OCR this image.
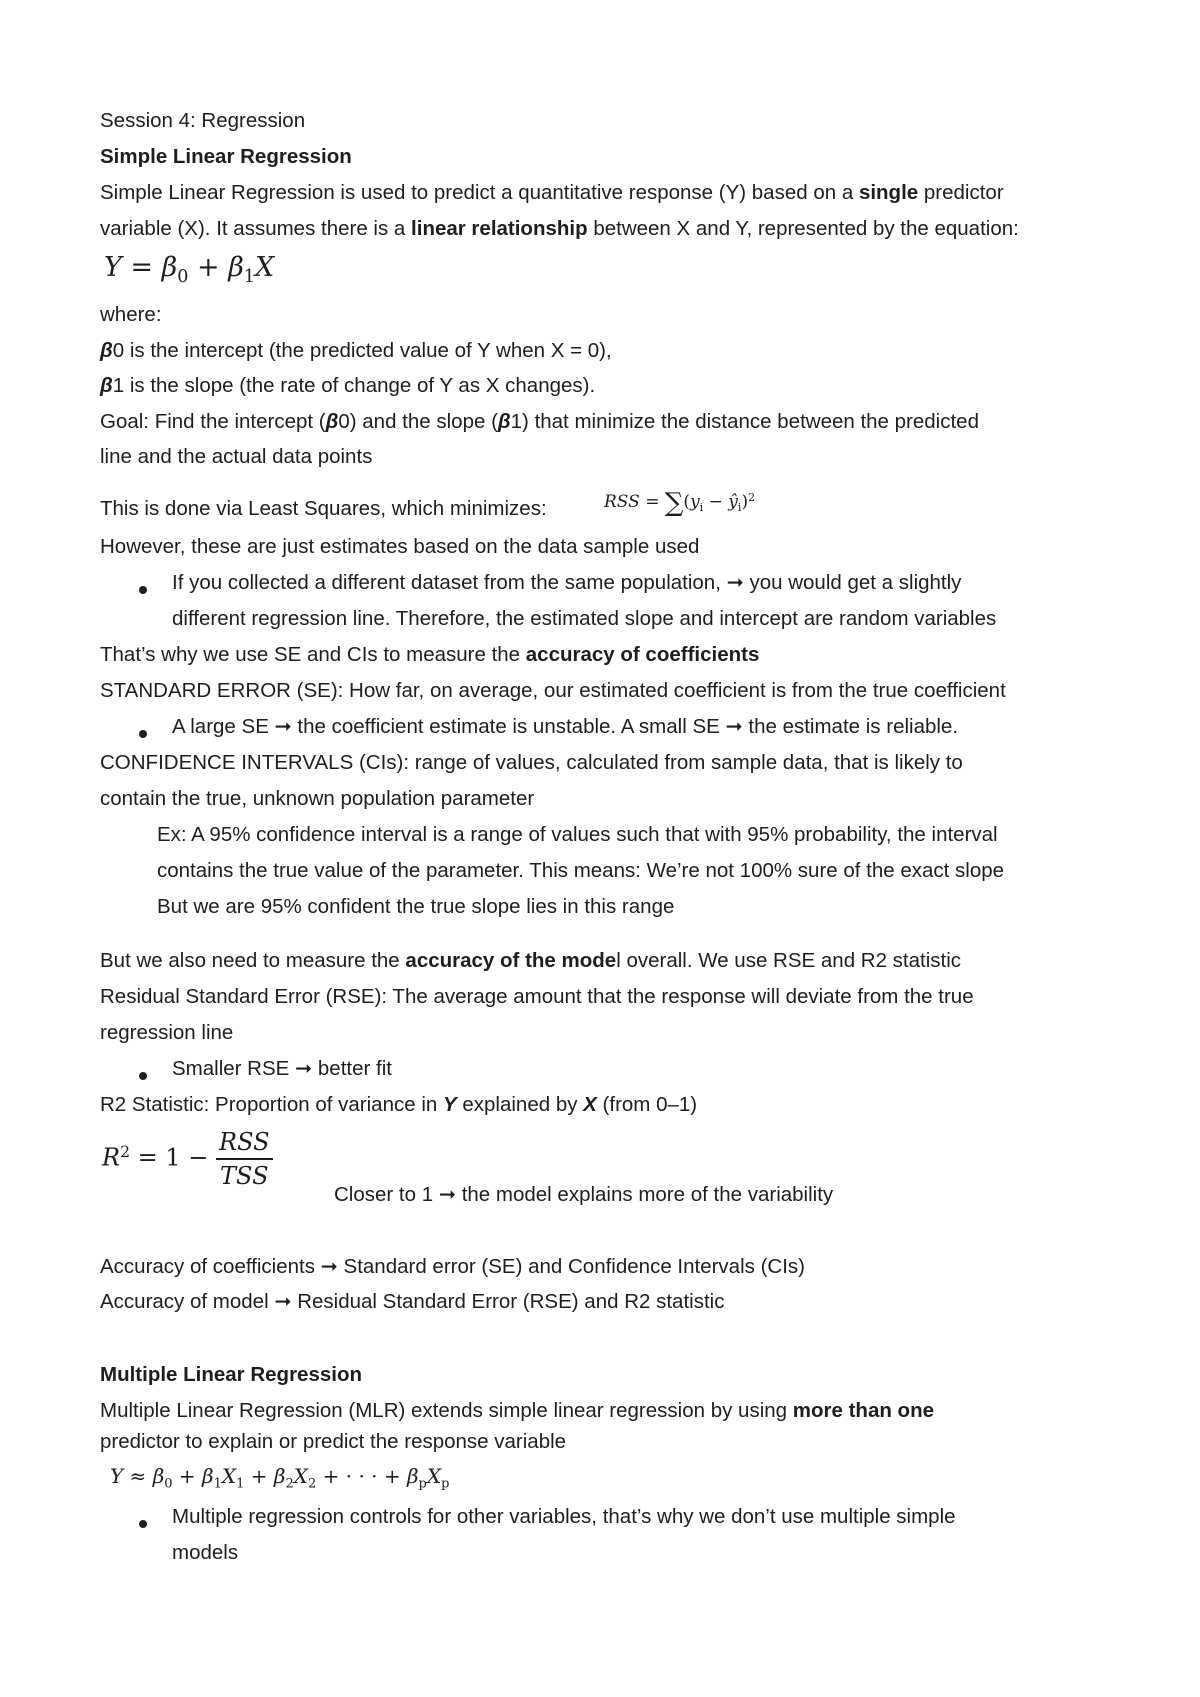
Session 4: Regression
Simple Linear Regression
Simple Linear Regression is used to predict a quantitative response (Y) based on a single predictor
variable (X). It assumes there is a linear relationship between X and Y, represented by the equation:
$Y = \beta_0 + \beta_1X$
where:
β0 is the intercept (the predicted value of Y when X = 0),
β1 is the slope (the rate of change of Y as X changes).
Goal: Find the intercept (β0) and the slope (β1) that minimize the distance between the predicted
line and the actual data points
This is done via Least Squares, which minimizes:	RSS = $\sum(y_i$ − $ŷ_i)^2$
However, these are just estimates based on the data sample used
If you collected a different dataset from the same population, ➞ you would get a slightly
different regression line. Therefore, the estimated slope and intercept are random variables
That’s why we use SE and CIs to measure the accuracy of coefficients
STANDARD ERROR (SE): How far, on average, our estimated coefficient is from the true coefficient
A large SE ➞ the coefficient estimate is unstable. A small SE ➞ the estimate is reliable.
CONFIDENCE INTERVALS (CIs): range of values, calculated from sample data, that is likely to
contain the true, unknown population parameter
Ex: A 95% confidence interval is a range of values such that with 95% probability, the interval
contains the true value of the parameter. This means: We’re not 100% sure of the exact slope
But we are 95% confident the true slope lies in this range
But we also need to measure the accuracy of the model overall. We use RSE and R2 statistic
Residual Standard Error (RSE): The average amount that the response will deviate from the true
regression line
Smaller RSE ➞ better fit
R2 Statistic: Proportion of variance in Y explained by X (from 0–1)
$R^2 = 1 - \frac{\text{RSS}}{\text{TSS}}$
Closer to 1 ➞ the model explains more of the variability
Accuracy of coefficients ➞ Standard error (SE) and Confidence Intervals (CIs)
Accuracy of model ➞ Residual Standard Error (RSE) and R2 statistic
Multiple Linear Regression
Multiple Linear Regression (MLR) extends simple linear regression by using more than one
predictor to explain or predict the response variable
$Y \approx \beta_0 + \beta_1X_1 + \beta_2X_2$ + · · · + $\beta_pX_p$
Multiple regression controls for other variables, that’s why we don’t use multiple simple
models
